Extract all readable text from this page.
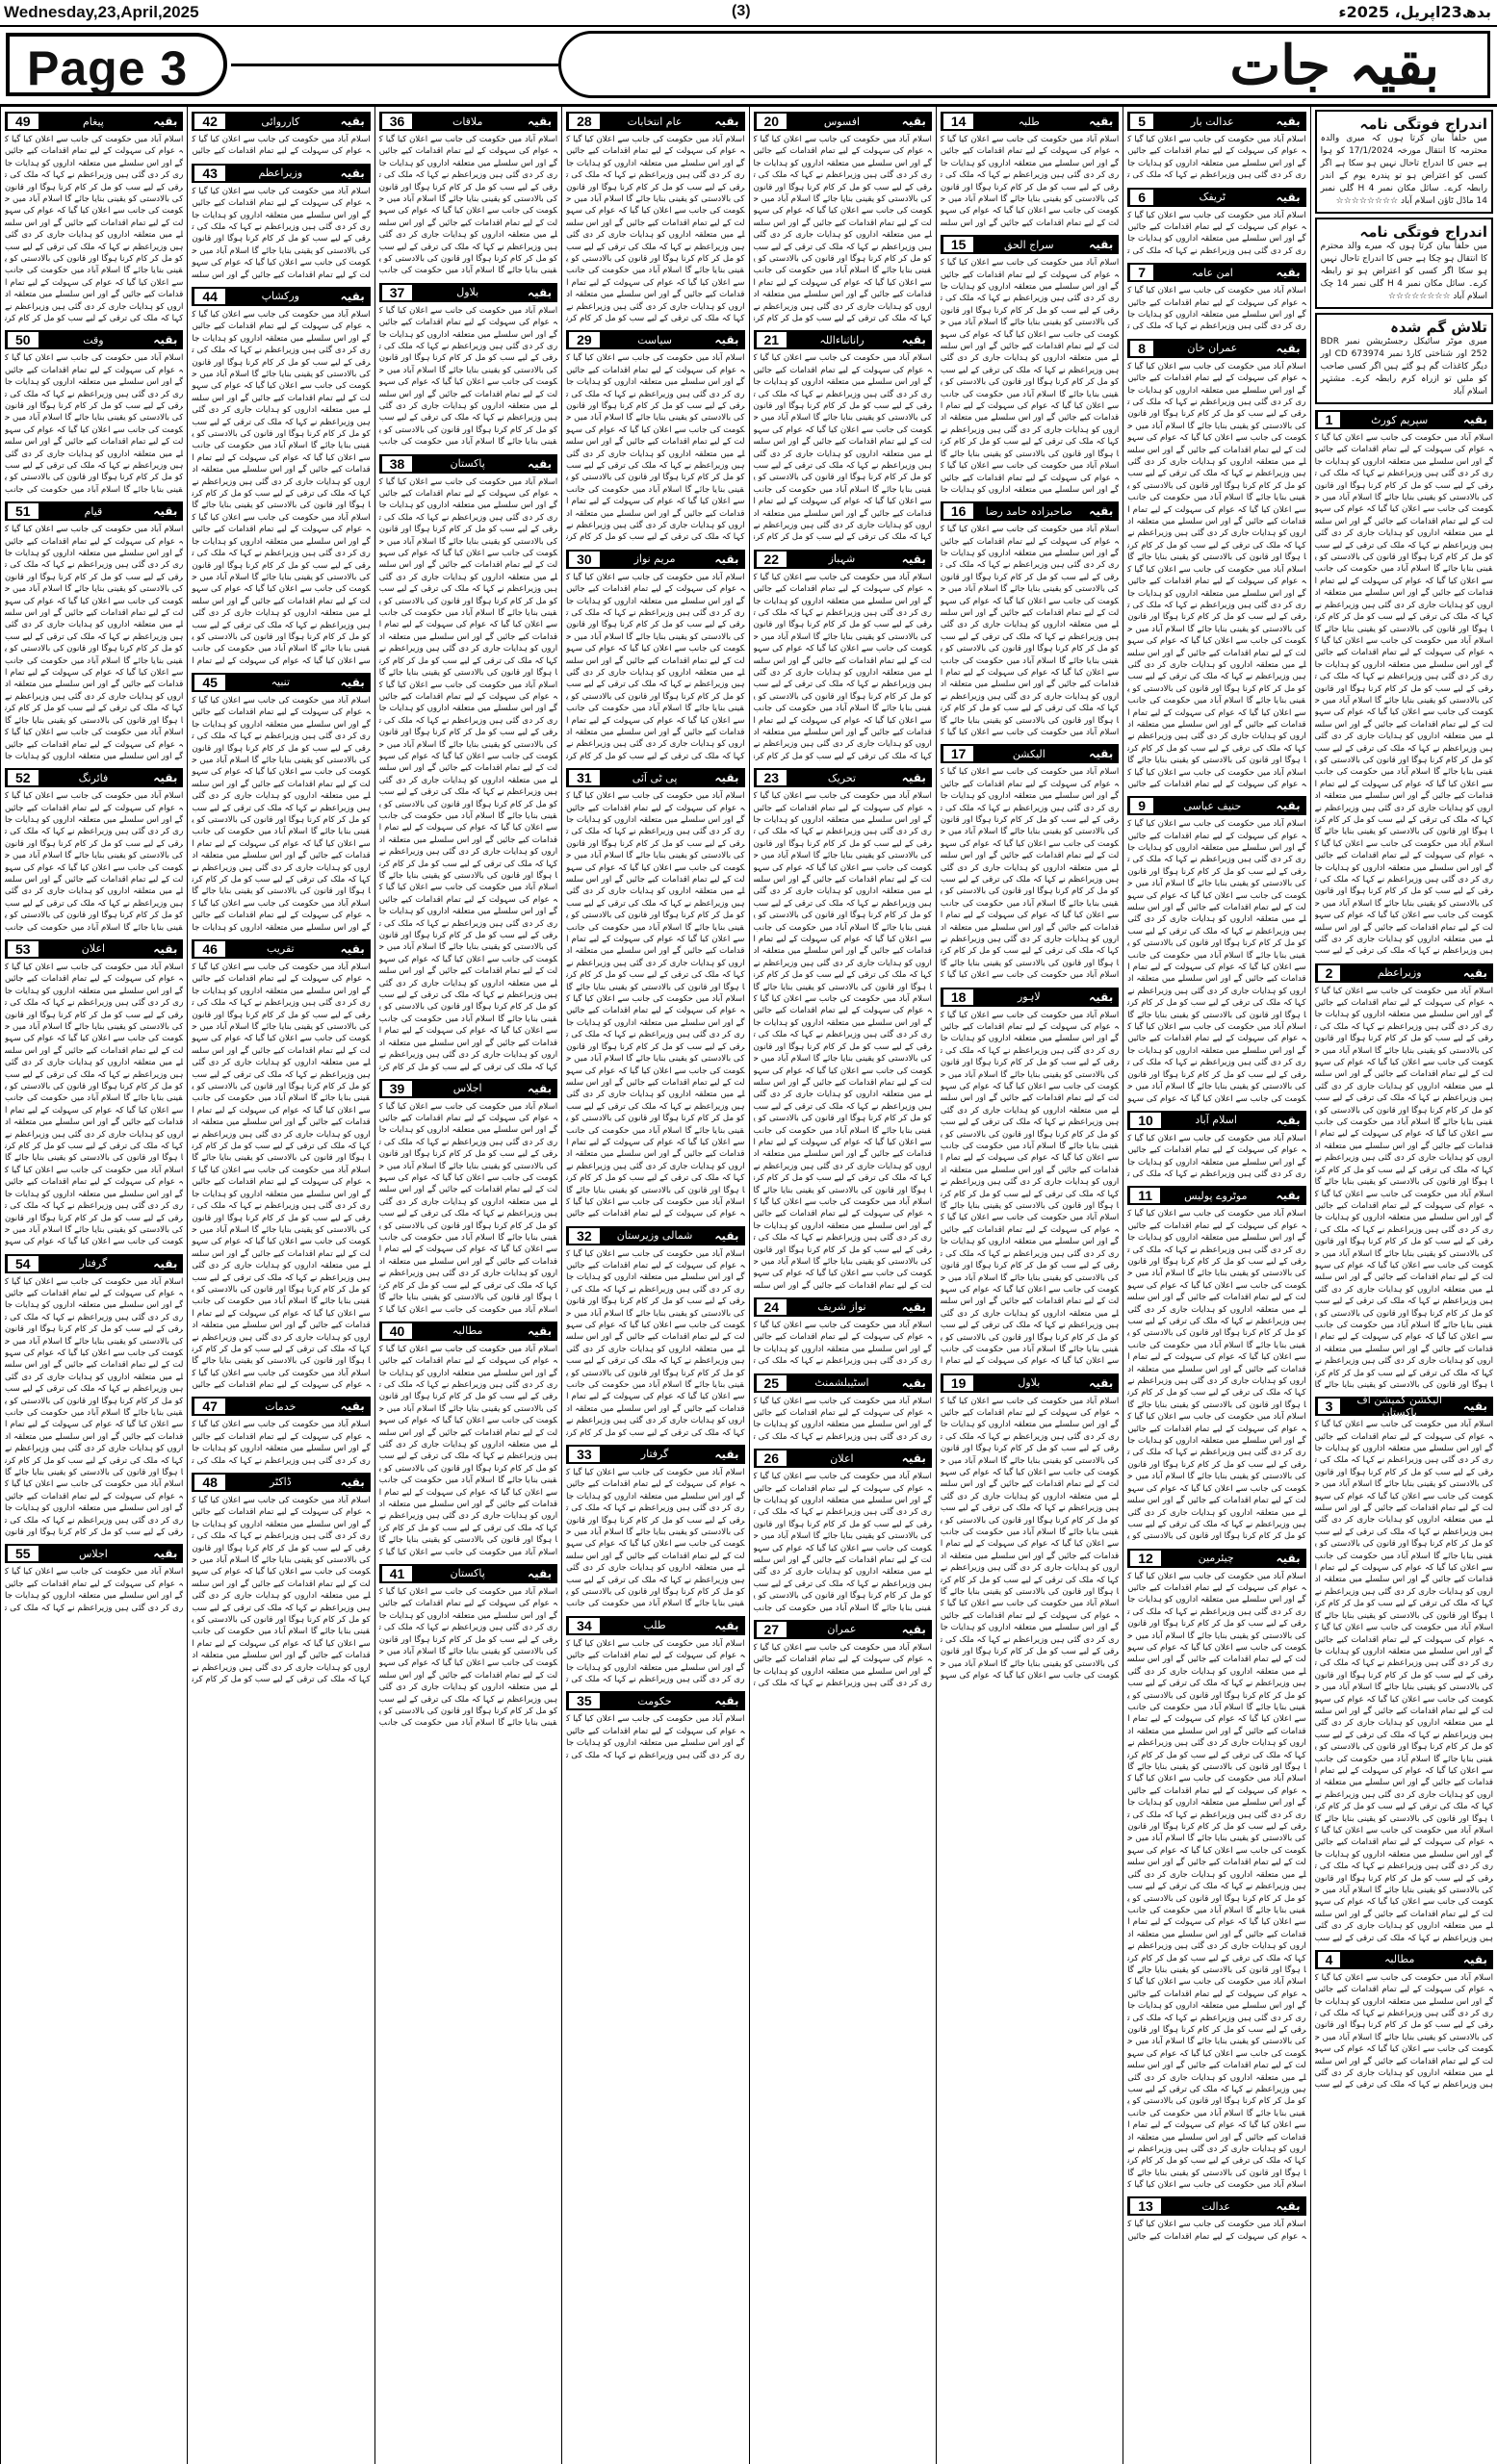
Wednesday,23,April,2025	(3)	بدھ23اپریل، 2025ء
Page 3	بقیہ جات
اندراج فوتگی نامہ
میں حلفاً بیان کرتا ہوں کہ میری والدہ محترمہ کا انتقال مورخہ 17/1/2024 کو ہوا ہے جس کا اندراج تاحال نہیں ہو سکا ہے اگر کسی کو اعتراض ہو تو پندرہ یوم کے اندر رابطہ کرے۔ سائل مکان نمبر H 4 گلی نمبر 14 ماڈل ٹاؤن اسلام آباد ☆☆☆☆☆☆☆☆
اندراج فوتگی نامہ
میں حلفاً بیان کرتا ہوں کہ میرے والد محترم کا انتقال ہو چکا ہے جس کا اندراج تاحال نہیں ہو سکا اگر کسی کو اعتراض ہو تو رابطہ کرے۔ سائل مکان نمبر H 4 گلی نمبر 14 چک اسلام آباد ☆☆☆☆☆☆☆☆
تلاش گم شدہ
میری موٹر سائیکل رجسٹریشن نمبر BDR 252 اور شناختی کارڈ نمبر CD 673974 اور دیگر کاغذات گم ہو گئے ہیں اگر کسی صاحب کو ملیں تو ازراہ کرم رابطہ کرے۔ مشتہر اسلام آباد
1	سپریم کورٹ	بقیہ
اسلام آباد میں حکومت کی جانب سے اعلان کیا گیا کہ عوام کی سہولت کے لیے تمام اقدامات کیے جائیں گے اور اس سلسلے میں متعلقہ اداروں کو ہدایات جاری کر دی گئی ہیں وزیراعظم نے کہا کہ ملک کی ترقی کے لیے سب کو مل کر کام کرنا ہوگا اور قانون کی بالادستی کو یقینی بنایا جائے گا اسلام آباد میں حکومت کی جانب سے اعلان کیا گیا کہ عوام کی سہولت کے لیے تمام اقدامات کیے جائیں گے اور اس سلسلے میں متعلقہ اداروں کو ہدایات جاری کر دی گئی ہیں وزیراعظم نے کہا کہ ملک کی ترقی کے لیے سب کو مل کر کام کرنا ہوگا اور قانون کی بالادستی کو یقینی بنایا جائے گا اسلام آباد میں حکومت کی جانب سے اعلان کیا گیا کہ عوام کی سہولت کے لیے تمام اقدامات کیے جائیں گے اور اس سلسلے میں متعلقہ اداروں کو ہدایات جاری کر دی گئی ہیں وزیراعظم نے کہا کہ ملک کی ترقی کے لیے سب کو مل کر کام کرنا ہوگا اور قانون کی بالادستی کو یقینی بنایا جائے گا اسلام آباد میں حکومت کی جانب سے اعلان کیا گیا کہ عوام کی سہولت کے لیے تمام اقدامات کیے جائیں گے اور اس سلسلے میں متعلقہ اداروں کو ہدایات جاری کر دی گئی ہیں وزیراعظم نے کہا کہ ملک کی ترقی کے لیے سب کو مل کر کام کرنا ہوگا اور قانون کی بالادستی کو یقینی بنایا جائے گا اسلام آباد میں حکومت کی جانب سے اعلان کیا گیا کہ عوام کی سہولت کے لیے تمام اقدامات کیے جائیں گے اور اس سلسلے میں متعلقہ اداروں کو ہدایات جاری کر دی گئی ہیں وزیراعظم نے کہا کہ ملک کی ترقی کے لیے سب کو مل کر کام کرنا ہوگا اور قانون کی بالادستی کو یقینی بنایا جائے گا اسلام آباد میں حکومت کی جانب سے اعلان کیا گیا کہ عوام کی سہولت کے لیے تمام اقدامات کیے جائیں گے اور اس سلسلے میں متعلقہ اداروں کو ہدایات جاری کر دی گئی ہیں وزیراعظم نے کہا کہ ملک کی ترقی کے لیے سب کو مل کر کام کرنا ہوگا اور قانون کی بالادستی کو یقینی بنایا جائے گا اسلام آباد میں حکومت کی جانب سے اعلان کیا گیا کہ عوام کی سہولت کے لیے تمام اقدامات کیے جائیں گے اور اس سلسلے میں متعلقہ اداروں کو ہدایات جاری کر دی گئی ہیں وزیراعظم نے کہا کہ ملک کی ترقی کے لیے سب کو مل کر کام کرنا ہوگا اور قانون کی بالادستی کو یقینی بنایا جائے گا اسلام آباد میں حکومت کی جانب سے اعلان کیا گیا کہ عوام کی سہولت کے لیے تمام اقدامات کیے جائیں گے اور اس سلسلے میں متعلقہ اداروں کو ہدایات جاری کر دی گئی ہیں وزیراعظم نے کہا کہ ملک کی ترقی کے لیے سب
2	وزیراعظم	بقیہ
اسلام آباد میں حکومت کی جانب سے اعلان کیا گیا کہ عوام کی سہولت کے لیے تمام اقدامات کیے جائیں گے اور اس سلسلے میں متعلقہ اداروں کو ہدایات جاری کر دی گئی ہیں وزیراعظم نے کہا کہ ملک کی ترقی کے لیے سب کو مل کر کام کرنا ہوگا اور قانون کی بالادستی کو یقینی بنایا جائے گا اسلام آباد میں حکومت کی جانب سے اعلان کیا گیا کہ عوام کی سہولت کے لیے تمام اقدامات کیے جائیں گے اور اس سلسلے میں متعلقہ اداروں کو ہدایات جاری کر دی گئی ہیں وزیراعظم نے کہا کہ ملک کی ترقی کے لیے سب کو مل کر کام کرنا ہوگا اور قانون کی بالادستی کو یقینی بنایا جائے گا اسلام آباد میں حکومت کی جانب سے اعلان کیا گیا کہ عوام کی سہولت کے لیے تمام اقدامات کیے جائیں گے اور اس سلسلے میں متعلقہ اداروں کو ہدایات جاری کر دی گئی ہیں وزیراعظم نے کہا کہ ملک کی ترقی کے لیے سب کو مل کر کام کرنا ہوگا اور قانون کی بالادستی کو یقینی بنایا جائے گا اسلام آباد میں حکومت کی جانب سے اعلان کیا گیا کہ عوام کی سہولت کے لیے تمام اقدامات کیے جائیں گے اور اس سلسلے میں متعلقہ اداروں کو ہدایات جاری کر دی گئی ہیں وزیراعظم نے کہا کہ ملک کی ترقی کے لیے سب کو مل کر کام کرنا ہوگا اور قانون کی بالادستی کو یقینی بنایا جائے گا اسلام آباد میں حکومت کی جانب سے اعلان کیا گیا کہ عوام کی سہولت کے لیے تمام اقدامات کیے جائیں گے اور اس سلسلے میں متعلقہ اداروں کو ہدایات جاری کر دی گئی ہیں وزیراعظم نے کہا کہ ملک کی ترقی کے لیے سب کو مل کر کام کرنا ہوگا اور قانون کی بالادستی کو یقینی بنایا جائے گا اسلام آباد میں حکومت کی جانب سے اعلان کیا گیا کہ عوام کی سہولت کے لیے تمام اقدامات کیے جائیں گے اور اس سلسلے میں متعلقہ اداروں کو ہدایات جاری کر دی گئی ہیں وزیراعظم نے کہا کہ ملک کی ترقی کے لیے سب کو مل کر کام کرنا ہوگا اور قانون کی بالادستی کو یقینی بنایا جائے گا
3	الیکشن کمیشن آف پاکستان	بقیہ
اسلام آباد میں حکومت کی جانب سے اعلان کیا گیا کہ عوام کی سہولت کے لیے تمام اقدامات کیے جائیں گے اور اس سلسلے میں متعلقہ اداروں کو ہدایات جاری کر دی گئی ہیں وزیراعظم نے کہا کہ ملک کی ترقی کے لیے سب کو مل کر کام کرنا ہوگا اور قانون کی بالادستی کو یقینی بنایا جائے گا اسلام آباد میں حکومت کی جانب سے اعلان کیا گیا کہ عوام کی سہولت کے لیے تمام اقدامات کیے جائیں گے اور اس سلسلے میں متعلقہ اداروں کو ہدایات جاری کر دی گئی ہیں وزیراعظم نے کہا کہ ملک کی ترقی کے لیے سب کو مل کر کام کرنا ہوگا اور قانون کی بالادستی کو یقینی بنایا جائے گا اسلام آباد میں حکومت کی جانب سے اعلان کیا گیا کہ عوام کی سہولت کے لیے تمام اقدامات کیے جائیں گے اور اس سلسلے میں متعلقہ اداروں کو ہدایات جاری کر دی گئی ہیں وزیراعظم نے کہا کہ ملک کی ترقی کے لیے سب کو مل کر کام کرنا ہوگا اور قانون کی بالادستی کو یقینی بنایا جائے گا اسلام آباد میں حکومت کی جانب سے اعلان کیا گیا کہ عوام کی سہولت کے لیے تمام اقدامات کیے جائیں گے اور اس سلسلے میں متعلقہ اداروں کو ہدایات جاری کر دی گئی ہیں وزیراعظم نے کہا کہ ملک کی ترقی کے لیے سب کو مل کر کام کرنا ہوگا اور قانون کی بالادستی کو یقینی بنایا جائے گا اسلام آباد میں حکومت کی جانب سے اعلان کیا گیا کہ عوام کی سہولت کے لیے تمام اقدامات کیے جائیں گے اور اس سلسلے میں متعلقہ اداروں کو ہدایات جاری کر دی گئی ہیں وزیراعظم نے کہا کہ ملک کی ترقی کے لیے سب کو مل کر کام کرنا ہوگا اور قانون کی بالادستی کو یقینی بنایا جائے گا اسلام آباد میں حکومت کی جانب سے اعلان کیا گیا کہ عوام کی سہولت کے لیے تمام اقدامات کیے جائیں گے اور اس سلسلے میں متعلقہ اداروں کو ہدایات جاری کر دی گئی ہیں وزیراعظم نے کہا کہ ملک کی ترقی کے لیے سب کو مل کر کام کرنا ہوگا اور قانون کی بالادستی کو یقینی بنایا جائے گا اسلام آباد میں حکومت کی جانب سے اعلان کیا گیا کہ عوام کی سہولت کے لیے تمام اقدامات کیے جائیں گے اور اس سلسلے میں متعلقہ اداروں کو ہدایات جاری کر دی گئی ہیں وزیراعظم نے کہا کہ ملک کی ترقی کے لیے سب کو مل کر کام کرنا ہوگا اور قانون کی بالادستی کو یقینی بنایا جائے گا اسلام آباد میں حکومت کی جانب سے اعلان کیا گیا کہ عوام کی سہولت کے لیے تمام اقدامات کیے جائیں گے اور اس سلسلے میں متعلقہ اداروں کو ہدایات جاری کر دی گئی ہیں وزیراعظم نے کہا کہ ملک کی ترقی کے لیے سب
4	مطالبہ	بقیہ
اسلام آباد میں حکومت کی جانب سے اعلان کیا گیا کہ عوام کی سہولت کے لیے تمام اقدامات کیے جائیں گے اور اس سلسلے میں متعلقہ اداروں کو ہدایات جاری کر دی گئی ہیں وزیراعظم نے کہا کہ ملک کی ترقی کے لیے سب کو مل کر کام کرنا ہوگا اور قانون کی بالادستی کو یقینی بنایا جائے گا اسلام آباد میں حکومت کی جانب سے اعلان کیا گیا کہ عوام کی سہولت کے لیے تمام اقدامات کیے جائیں گے اور اس سلسلے میں متعلقہ اداروں کو ہدایات جاری کر دی گئی ہیں وزیراعظم نے کہا کہ ملک کی ترقی کے لیے سب
5	عدالت بار	بقیہ
اسلام آباد میں حکومت کی جانب سے اعلان کیا گیا کہ عوام کی سہولت کے لیے تمام اقدامات کیے جائیں گے اور اس سلسلے میں متعلقہ اداروں کو ہدایات جاری کر دی گئی ہیں وزیراعظم نے کہا کہ ملک کی ت
6	ٹریفک	بقیہ
اسلام آباد میں حکومت کی جانب سے اعلان کیا گیا کہ عوام کی سہولت کے لیے تمام اقدامات کیے جائیں گے اور اس سلسلے میں متعلقہ اداروں کو ہدایات جاری کر دی گئی ہیں وزیراعظم نے کہا کہ ملک کی ت
7	امن عامہ	بقیہ
اسلام آباد میں حکومت کی جانب سے اعلان کیا گیا کہ عوام کی سہولت کے لیے تمام اقدامات کیے جائیں گے اور اس سلسلے میں متعلقہ اداروں کو ہدایات جاری کر دی گئی ہیں وزیراعظم نے کہا کہ ملک کی ت
8	عمران خان	بقیہ
اسلام آباد میں حکومت کی جانب سے اعلان کیا گیا کہ عوام کی سہولت کے لیے تمام اقدامات کیے جائیں گے اور اس سلسلے میں متعلقہ اداروں کو ہدایات جاری کر دی گئی ہیں وزیراعظم نے کہا کہ ملک کی ترقی کے لیے سب کو مل کر کام کرنا ہوگا اور قانون کی بالادستی کو یقینی بنایا جائے گا اسلام آباد میں حکومت کی جانب سے اعلان کیا گیا کہ عوام کی سہولت کے لیے تمام اقدامات کیے جائیں گے اور اس سلسلے میں متعلقہ اداروں کو ہدایات جاری کر دی گئی ہیں وزیراعظم نے کہا کہ ملک کی ترقی کے لیے سب کو مل کر کام کرنا ہوگا اور قانون کی بالادستی کو یقینی بنایا جائے گا اسلام آباد میں حکومت کی جانب سے اعلان کیا گیا کہ عوام کی سہولت کے لیے تمام اقدامات کیے جائیں گے اور اس سلسلے میں متعلقہ اداروں کو ہدایات جاری کر دی گئی ہیں وزیراعظم نے کہا کہ ملک کی ترقی کے لیے سب کو مل کر کام کرنا ہوگا اور قانون کی بالادستی کو یقینی بنایا جائے گا اسلام آباد میں حکومت کی جانب سے اعلان کیا گیا کہ عوام کی سہولت کے لیے تمام اقدامات کیے جائیں گے اور اس سلسلے میں متعلقہ اداروں کو ہدایات جاری کر دی گئی ہیں وزیراعظم نے کہا کہ ملک کی ترقی کے لیے سب کو مل کر کام کرنا ہوگا اور قانون کی بالادستی کو یقینی بنایا جائے گا اسلام آباد میں حکومت کی جانب سے اعلان کیا گیا کہ عوام کی سہولت کے لیے تمام اقدامات کیے جائیں گے اور اس سلسلے میں متعلقہ اداروں کو ہدایات جاری کر دی گئی ہیں وزیراعظم نے کہا کہ ملک کی ترقی کے لیے سب کو مل کر کام کرنا ہوگا اور قانون کی بالادستی کو یقینی بنایا جائے گا اسلام آباد میں حکومت کی جانب سے اعلان کیا گیا کہ عوام کی سہولت کے لیے تمام اقدامات کیے جائیں گے اور اس سلسلے میں متعلقہ اداروں کو ہدایات جاری کر دی گئی ہیں وزیراعظم نے کہا کہ ملک کی ترقی کے لیے سب کو مل کر کام کرنا ہوگا اور قانون کی بالادستی کو یقینی بنایا جائے گا اسلام آباد میں حکومت کی جانب سے اعلان کیا گیا کہ عوام کی سہولت کے لیے تمام اقدامات کیے جائیں
9	حنیف عباسی	بقیہ
اسلام آباد میں حکومت کی جانب سے اعلان کیا گیا کہ عوام کی سہولت کے لیے تمام اقدامات کیے جائیں گے اور اس سلسلے میں متعلقہ اداروں کو ہدایات جاری کر دی گئی ہیں وزیراعظم نے کہا کہ ملک کی ترقی کے لیے سب کو مل کر کام کرنا ہوگا اور قانون کی بالادستی کو یقینی بنایا جائے گا اسلام آباد میں حکومت کی جانب سے اعلان کیا گیا کہ عوام کی سہولت کے لیے تمام اقدامات کیے جائیں گے اور اس سلسلے میں متعلقہ اداروں کو ہدایات جاری کر دی گئی ہیں وزیراعظم نے کہا کہ ملک کی ترقی کے لیے سب کو مل کر کام کرنا ہوگا اور قانون کی بالادستی کو یقینی بنایا جائے گا اسلام آباد میں حکومت کی جانب سے اعلان کیا گیا کہ عوام کی سہولت کے لیے تمام اقدامات کیے جائیں گے اور اس سلسلے میں متعلقہ اداروں کو ہدایات جاری کر دی گئی ہیں وزیراعظم نے کہا کہ ملک کی ترقی کے لیے سب کو مل کر کام کرنا ہوگا اور قانون کی بالادستی کو یقینی بنایا جائے گا اسلام آباد میں حکومت کی جانب سے اعلان کیا گیا کہ عوام کی سہولت کے لیے تمام اقدامات کیے جائیں گے اور اس سلسلے میں متعلقہ اداروں کو ہدایات جاری کر دی گئی ہیں وزیراعظم نے کہا کہ ملک کی ترقی کے لیے سب کو مل کر کام کرنا ہوگا اور قانون کی بالادستی کو یقینی بنایا جائے گا اسلام آباد میں حکومت کی جانب سے اعلان کیا گیا کہ عوام کی سہو
10	اسلام آباد	بقیہ
اسلام آباد میں حکومت کی جانب سے اعلان کیا گیا کہ عوام کی سہولت کے لیے تمام اقدامات کیے جائیں گے اور اس سلسلے میں متعلقہ اداروں کو ہدایات جاری کر دی گئی ہیں وزیراعظم نے کہا کہ ملک کی ت
11	موٹروے پولیس	بقیہ
اسلام آباد میں حکومت کی جانب سے اعلان کیا گیا کہ عوام کی سہولت کے لیے تمام اقدامات کیے جائیں گے اور اس سلسلے میں متعلقہ اداروں کو ہدایات جاری کر دی گئی ہیں وزیراعظم نے کہا کہ ملک کی ترقی کے لیے سب کو مل کر کام کرنا ہوگا اور قانون کی بالادستی کو یقینی بنایا جائے گا اسلام آباد میں حکومت کی جانب سے اعلان کیا گیا کہ عوام کی سہولت کے لیے تمام اقدامات کیے جائیں گے اور اس سلسلے میں متعلقہ اداروں کو ہدایات جاری کر دی گئی ہیں وزیراعظم نے کہا کہ ملک کی ترقی کے لیے سب کو مل کر کام کرنا ہوگا اور قانون کی بالادستی کو یقینی بنایا جائے گا اسلام آباد میں حکومت کی جانب سے اعلان کیا گیا کہ عوام کی سہولت کے لیے تمام اقدامات کیے جائیں گے اور اس سلسلے میں متعلقہ اداروں کو ہدایات جاری کر دی گئی ہیں وزیراعظم نے کہا کہ ملک کی ترقی کے لیے سب کو مل کر کام کرنا ہوگا اور قانون کی بالادستی کو یقینی بنایا جائے گا اسلام آباد میں حکومت کی جانب سے اعلان کیا گیا کہ عوام کی سہولت کے لیے تمام اقدامات کیے جائیں گے اور اس سلسلے میں متعلقہ اداروں کو ہدایات جاری کر دی گئی ہیں وزیراعظم نے کہا کہ ملک کی ترقی کے لیے سب کو مل کر کام کرنا ہوگا اور قانون کی بالادستی کو یقینی بنایا جائے گا اسلام آباد میں حکومت کی جانب سے اعلان کیا گیا کہ عوام کی سہولت کے لیے تمام اقدامات کیے جائیں گے اور اس سلسلے میں متعلقہ اداروں کو ہدایات جاری کر دی گئی ہیں وزیراعظم نے کہا کہ ملک کی ترقی کے لیے سب کو مل کر کام کرنا ہوگا اور قانون کی بالادستی کو ی
12	چیئرمین	بقیہ
اسلام آباد میں حکومت کی جانب سے اعلان کیا گیا کہ عوام کی سہولت کے لیے تمام اقدامات کیے جائیں گے اور اس سلسلے میں متعلقہ اداروں کو ہدایات جاری کر دی گئی ہیں وزیراعظم نے کہا کہ ملک کی ترقی کے لیے سب کو مل کر کام کرنا ہوگا اور قانون کی بالادستی کو یقینی بنایا جائے گا اسلام آباد میں حکومت کی جانب سے اعلان کیا گیا کہ عوام کی سہولت کے لیے تمام اقدامات کیے جائیں گے اور اس سلسلے میں متعلقہ اداروں کو ہدایات جاری کر دی گئی ہیں وزیراعظم نے کہا کہ ملک کی ترقی کے لیے سب کو مل کر کام کرنا ہوگا اور قانون کی بالادستی کو یقینی بنایا جائے گا اسلام آباد میں حکومت کی جانب سے اعلان کیا گیا کہ عوام کی سہولت کے لیے تمام اقدامات کیے جائیں گے اور اس سلسلے میں متعلقہ اداروں کو ہدایات جاری کر دی گئی ہیں وزیراعظم نے کہا کہ ملک کی ترقی کے لیے سب کو مل کر کام کرنا ہوگا اور قانون کی بالادستی کو یقینی بنایا جائے گا اسلام آباد میں حکومت کی جانب سے اعلان کیا گیا کہ عوام کی سہولت کے لیے تمام اقدامات کیے جائیں گے اور اس سلسلے میں متعلقہ اداروں کو ہدایات جاری کر دی گئی ہیں وزیراعظم نے کہا کہ ملک کی ترقی کے لیے سب کو مل کر کام کرنا ہوگا اور قانون کی بالادستی کو یقینی بنایا جائے گا اسلام آباد میں حکومت کی جانب سے اعلان کیا گیا کہ عوام کی سہولت کے لیے تمام اقدامات کیے جائیں گے اور اس سلسلے میں متعلقہ اداروں کو ہدایات جاری کر دی گئی ہیں وزیراعظم نے کہا کہ ملک کی ترقی کے لیے سب کو مل کر کام کرنا ہوگا اور قانون کی بالادستی کو یقینی بنایا جائے گا اسلام آباد میں حکومت کی جانب سے اعلان کیا گیا کہ عوام کی سہولت کے لیے تمام اقدامات کیے جائیں گے اور اس سلسلے میں متعلقہ اداروں کو ہدایات جاری کر دی گئی ہیں وزیراعظم نے کہا کہ ملک کی ترقی کے لیے سب کو مل کر کام کرنا ہوگا اور قانون کی بالادستی کو یقینی بنایا جائے گا اسلام آباد میں حکومت کی جانب سے اعلان کیا گیا کہ عوام کی سہولت کے لیے تمام اقدامات کیے جائیں گے اور اس سلسلے میں متعلقہ اداروں کو ہدایات جاری کر دی گئی ہیں وزیراعظم نے کہا کہ ملک کی ترقی کے لیے سب کو مل کر کام کرنا ہوگا اور قانون کی بالادستی کو یقینی بنایا جائے گا اسلام آباد میں حکومت کی جانب سے اعلان کیا گیا کہ عوام کی سہولت کے لیے تمام اقدامات کیے جائیں گے اور اس سلسلے میں متعلقہ اداروں کو ہدایات جاری کر دی گئی ہیں وزیراعظم نے کہا کہ ملک کی ترقی کے لیے سب کو مل کر کام کرنا ہوگا اور قانون کی بالادستی کو یقینی بنایا جائے گا اسلام آباد میں حکومت کی جانب سے اعلان کیا گیا کہ عوام کی سہولت کے لیے تمام اقدامات کیے جائیں گے اور اس سلسلے میں متعلقہ اداروں کو ہدایات جاری کر دی گئی ہیں وزیراعظم نے کہا کہ ملک کی ترقی کے لیے سب کو مل کر کام کرنا ہوگا اور قانون کی بالادستی کو یقینی بنایا جائے گا اسلام آباد میں حکومت کی جانب سے اعلان کیا گیا ک
13	عدالت	بقیہ
اسلام آباد میں حکومت کی جانب سے اعلان کیا گیا کہ عوام کی سہولت کے لیے تمام اقدامات کیے جائیں
14	طلبہ	بقیہ
اسلام آباد میں حکومت کی جانب سے اعلان کیا گیا کہ عوام کی سہولت کے لیے تمام اقدامات کیے جائیں گے اور اس سلسلے میں متعلقہ اداروں کو ہدایات جاری کر دی گئی ہیں وزیراعظم نے کہا کہ ملک کی ترقی کے لیے سب کو مل کر کام کرنا ہوگا اور قانون کی بالادستی کو یقینی بنایا جائے گا اسلام آباد میں حکومت کی جانب سے اعلان کیا گیا کہ عوام کی سہولت کے لیے تمام اقدامات کیے جائیں گے اور اس سلس
15	سراج الحق	بقیہ
اسلام آباد میں حکومت کی جانب سے اعلان کیا گیا کہ عوام کی سہولت کے لیے تمام اقدامات کیے جائیں گے اور اس سلسلے میں متعلقہ اداروں کو ہدایات جاری کر دی گئی ہیں وزیراعظم نے کہا کہ ملک کی ترقی کے لیے سب کو مل کر کام کرنا ہوگا اور قانون کی بالادستی کو یقینی بنایا جائے گا اسلام آباد میں حکومت کی جانب سے اعلان کیا گیا کہ عوام کی سہولت کے لیے تمام اقدامات کیے جائیں گے اور اس سلسلے میں متعلقہ اداروں کو ہدایات جاری کر دی گئی ہیں وزیراعظم نے کہا کہ ملک کی ترقی کے لیے سب کو مل کر کام کرنا ہوگا اور قانون کی بالادستی کو یقینی بنایا جائے گا اسلام آباد میں حکومت کی جانب سے اعلان کیا گیا کہ عوام کی سہولت کے لیے تمام اقدامات کیے جائیں گے اور اس سلسلے میں متعلقہ اداروں کو ہدایات جاری کر دی گئی ہیں وزیراعظم نے کہا کہ ملک کی ترقی کے لیے سب کو مل کر کام کرنا ہوگا اور قانون کی بالادستی کو یقینی بنایا جائے گا اسلام آباد میں حکومت کی جانب سے اعلان کیا گیا کہ عوام کی سہولت کے لیے تمام اقدامات کیے جائیں گے اور اس سلسلے میں متعلقہ اداروں کو ہدایات جا
16	صاحبزادہ حامد رضا	بقیہ
اسلام آباد میں حکومت کی جانب سے اعلان کیا گیا کہ عوام کی سہولت کے لیے تمام اقدامات کیے جائیں گے اور اس سلسلے میں متعلقہ اداروں کو ہدایات جاری کر دی گئی ہیں وزیراعظم نے کہا کہ ملک کی ترقی کے لیے سب کو مل کر کام کرنا ہوگا اور قانون کی بالادستی کو یقینی بنایا جائے گا اسلام آباد میں حکومت کی جانب سے اعلان کیا گیا کہ عوام کی سہولت کے لیے تمام اقدامات کیے جائیں گے اور اس سلسلے میں متعلقہ اداروں کو ہدایات جاری کر دی گئی ہیں وزیراعظم نے کہا کہ ملک کی ترقی کے لیے سب کو مل کر کام کرنا ہوگا اور قانون کی بالادستی کو یقینی بنایا جائے گا اسلام آباد میں حکومت کی جانب سے اعلان کیا گیا کہ عوام کی سہولت کے لیے تمام اقدامات کیے جائیں گے اور اس سلسلے میں متعلقہ اداروں کو ہدایات جاری کر دی گئی ہیں وزیراعظم نے کہا کہ ملک کی ترقی کے لیے سب کو مل کر کام کرنا ہوگا اور قانون کی بالادستی کو یقینی بنایا جائے گا اسلام آباد میں حکومت کی جانب سے اعلان کیا گیا ک
17	الیکشن	بقیہ
اسلام آباد میں حکومت کی جانب سے اعلان کیا گیا کہ عوام کی سہولت کے لیے تمام اقدامات کیے جائیں گے اور اس سلسلے میں متعلقہ اداروں کو ہدایات جاری کر دی گئی ہیں وزیراعظم نے کہا کہ ملک کی ترقی کے لیے سب کو مل کر کام کرنا ہوگا اور قانون کی بالادستی کو یقینی بنایا جائے گا اسلام آباد میں حکومت کی جانب سے اعلان کیا گیا کہ عوام کی سہولت کے لیے تمام اقدامات کیے جائیں گے اور اس سلسلے میں متعلقہ اداروں کو ہدایات جاری کر دی گئی ہیں وزیراعظم نے کہا کہ ملک کی ترقی کے لیے سب کو مل کر کام کرنا ہوگا اور قانون کی بالادستی کو یقینی بنایا جائے گا اسلام آباد میں حکومت کی جانب سے اعلان کیا گیا کہ عوام کی سہولت کے لیے تمام اقدامات کیے جائیں گے اور اس سلسلے میں متعلقہ اداروں کو ہدایات جاری کر دی گئی ہیں وزیراعظم نے کہا کہ ملک کی ترقی کے لیے سب کو مل کر کام کرنا ہوگا اور قانون کی بالادستی کو یقینی بنایا جائے گا اسلام آباد میں حکومت کی جانب سے اعلان کیا گیا ک
18	لاہور	بقیہ
اسلام آباد میں حکومت کی جانب سے اعلان کیا گیا کہ عوام کی سہولت کے لیے تمام اقدامات کیے جائیں گے اور اس سلسلے میں متعلقہ اداروں کو ہدایات جاری کر دی گئی ہیں وزیراعظم نے کہا کہ ملک کی ترقی کے لیے سب کو مل کر کام کرنا ہوگا اور قانون کی بالادستی کو یقینی بنایا جائے گا اسلام آباد میں حکومت کی جانب سے اعلان کیا گیا کہ عوام کی سہولت کے لیے تمام اقدامات کیے جائیں گے اور اس سلسلے میں متعلقہ اداروں کو ہدایات جاری کر دی گئی ہیں وزیراعظم نے کہا کہ ملک کی ترقی کے لیے سب کو مل کر کام کرنا ہوگا اور قانون کی بالادستی کو یقینی بنایا جائے گا اسلام آباد میں حکومت کی جانب سے اعلان کیا گیا کہ عوام کی سہولت کے لیے تمام اقدامات کیے جائیں گے اور اس سلسلے میں متعلقہ اداروں کو ہدایات جاری کر دی گئی ہیں وزیراعظم نے کہا کہ ملک کی ترقی کے لیے سب کو مل کر کام کرنا ہوگا اور قانون کی بالادستی کو یقینی بنایا جائے گا اسلام آباد میں حکومت کی جانب سے اعلان کیا گیا کہ عوام کی سہولت کے لیے تمام اقدامات کیے جائیں گے اور اس سلسلے میں متعلقہ اداروں کو ہدایات جاری کر دی گئی ہیں وزیراعظم نے کہا کہ ملک کی ترقی کے لیے سب کو مل کر کام کرنا ہوگا اور قانون کی بالادستی کو یقینی بنایا جائے گا اسلام آباد میں حکومت کی جانب سے اعلان کیا گیا کہ عوام کی سہولت کے لیے تمام اقدامات کیے جائیں گے اور اس سلسلے میں متعلقہ اداروں کو ہدایات جاری کر دی گئی ہیں وزیراعظم نے کہا کہ ملک کی ترقی کے لیے سب کو مل کر کام کرنا ہوگا اور قانون کی بالادستی کو یقینی بنایا جائے گا اسلام آباد میں حکومت کی جانب سے اعلان کیا گیا کہ عوام کی سہولت کے لیے تمام ا
19	بلاول	بقیہ
اسلام آباد میں حکومت کی جانب سے اعلان کیا گیا کہ عوام کی سہولت کے لیے تمام اقدامات کیے جائیں گے اور اس سلسلے میں متعلقہ اداروں کو ہدایات جاری کر دی گئی ہیں وزیراعظم نے کہا کہ ملک کی ترقی کے لیے سب کو مل کر کام کرنا ہوگا اور قانون کی بالادستی کو یقینی بنایا جائے گا اسلام آباد میں حکومت کی جانب سے اعلان کیا گیا کہ عوام کی سہولت کے لیے تمام اقدامات کیے جائیں گے اور اس سلسلے میں متعلقہ اداروں کو ہدایات جاری کر دی گئی ہیں وزیراعظم نے کہا کہ ملک کی ترقی کے لیے سب کو مل کر کام کرنا ہوگا اور قانون کی بالادستی کو یقینی بنایا جائے گا اسلام آباد میں حکومت کی جانب سے اعلان کیا گیا کہ عوام کی سہولت کے لیے تمام اقدامات کیے جائیں گے اور اس سلسلے میں متعلقہ اداروں کو ہدایات جاری کر دی گئی ہیں وزیراعظم نے کہا کہ ملک کی ترقی کے لیے سب کو مل کر کام کرنا ہوگا اور قانون کی بالادستی کو یقینی بنایا جائے گا اسلام آباد میں حکومت کی جانب سے اعلان کیا گیا کہ عوام کی سہولت کے لیے تمام اقدامات کیے جائیں گے اور اس سلسلے میں متعلقہ اداروں کو ہدایات جاری کر دی گئی ہیں وزیراعظم نے کہا کہ ملک کی ترقی کے لیے سب کو مل کر کام کرنا ہوگا اور قانون کی بالادستی کو یقینی بنایا جائے گا اسلام آباد میں حکومت کی جانب سے اعلان کیا گیا کہ عوام کی سہو
20	افسوس	بقیہ
اسلام آباد میں حکومت کی جانب سے اعلان کیا گیا کہ عوام کی سہولت کے لیے تمام اقدامات کیے جائیں گے اور اس سلسلے میں متعلقہ اداروں کو ہدایات جاری کر دی گئی ہیں وزیراعظم نے کہا کہ ملک کی ترقی کے لیے سب کو مل کر کام کرنا ہوگا اور قانون کی بالادستی کو یقینی بنایا جائے گا اسلام آباد میں حکومت کی جانب سے اعلان کیا گیا کہ عوام کی سہولت کے لیے تمام اقدامات کیے جائیں گے اور اس سلسلے میں متعلقہ اداروں کو ہدایات جاری کر دی گئی ہیں وزیراعظم نے کہا کہ ملک کی ترقی کے لیے سب کو مل کر کام کرنا ہوگا اور قانون کی بالادستی کو یقینی بنایا جائے گا اسلام آباد میں حکومت کی جانب سے اعلان کیا گیا کہ عوام کی سہولت کے لیے تمام اقدامات کیے جائیں گے اور اس سلسلے میں متعلقہ اداروں کو ہدایات جاری کر دی گئی ہیں وزیراعظم نے کہا کہ ملک کی ترقی کے لیے سب کو مل کر کام کرن
21	راناثناءاللہ	بقیہ
اسلام آباد میں حکومت کی جانب سے اعلان کیا گیا کہ عوام کی سہولت کے لیے تمام اقدامات کیے جائیں گے اور اس سلسلے میں متعلقہ اداروں کو ہدایات جاری کر دی گئی ہیں وزیراعظم نے کہا کہ ملک کی ترقی کے لیے سب کو مل کر کام کرنا ہوگا اور قانون کی بالادستی کو یقینی بنایا جائے گا اسلام آباد میں حکومت کی جانب سے اعلان کیا گیا کہ عوام کی سہولت کے لیے تمام اقدامات کیے جائیں گے اور اس سلسلے میں متعلقہ اداروں کو ہدایات جاری کر دی گئی ہیں وزیراعظم نے کہا کہ ملک کی ترقی کے لیے سب کو مل کر کام کرنا ہوگا اور قانون کی بالادستی کو یقینی بنایا جائے گا اسلام آباد میں حکومت کی جانب سے اعلان کیا گیا کہ عوام کی سہولت کے لیے تمام اقدامات کیے جائیں گے اور اس سلسلے میں متعلقہ اداروں کو ہدایات جاری کر دی گئی ہیں وزیراعظم نے کہا کہ ملک کی ترقی کے لیے سب کو مل کر کام کرن
22	شہباز	بقیہ
اسلام آباد میں حکومت کی جانب سے اعلان کیا گیا کہ عوام کی سہولت کے لیے تمام اقدامات کیے جائیں گے اور اس سلسلے میں متعلقہ اداروں کو ہدایات جاری کر دی گئی ہیں وزیراعظم نے کہا کہ ملک کی ترقی کے لیے سب کو مل کر کام کرنا ہوگا اور قانون کی بالادستی کو یقینی بنایا جائے گا اسلام آباد میں حکومت کی جانب سے اعلان کیا گیا کہ عوام کی سہولت کے لیے تمام اقدامات کیے جائیں گے اور اس سلسلے میں متعلقہ اداروں کو ہدایات جاری کر دی گئی ہیں وزیراعظم نے کہا کہ ملک کی ترقی کے لیے سب کو مل کر کام کرنا ہوگا اور قانون کی بالادستی کو یقینی بنایا جائے گا اسلام آباد میں حکومت کی جانب سے اعلان کیا گیا کہ عوام کی سہولت کے لیے تمام اقدامات کیے جائیں گے اور اس سلسلے میں متعلقہ اداروں کو ہدایات جاری کر دی گئی ہیں وزیراعظم نے کہا کہ ملک کی ترقی کے لیے سب کو مل کر کام کرن
23	تحریک	بقیہ
اسلام آباد میں حکومت کی جانب سے اعلان کیا گیا کہ عوام کی سہولت کے لیے تمام اقدامات کیے جائیں گے اور اس سلسلے میں متعلقہ اداروں کو ہدایات جاری کر دی گئی ہیں وزیراعظم نے کہا کہ ملک کی ترقی کے لیے سب کو مل کر کام کرنا ہوگا اور قانون کی بالادستی کو یقینی بنایا جائے گا اسلام آباد میں حکومت کی جانب سے اعلان کیا گیا کہ عوام کی سہولت کے لیے تمام اقدامات کیے جائیں گے اور اس سلسلے میں متعلقہ اداروں کو ہدایات جاری کر دی گئی ہیں وزیراعظم نے کہا کہ ملک کی ترقی کے لیے سب کو مل کر کام کرنا ہوگا اور قانون کی بالادستی کو یقینی بنایا جائے گا اسلام آباد میں حکومت کی جانب سے اعلان کیا گیا کہ عوام کی سہولت کے لیے تمام اقدامات کیے جائیں گے اور اس سلسلے میں متعلقہ اداروں کو ہدایات جاری کر دی گئی ہیں وزیراعظم نے کہا کہ ملک کی ترقی کے لیے سب کو مل کر کام کرنا ہوگا اور قانون کی بالادستی کو یقینی بنایا جائے گا اسلام آباد میں حکومت کی جانب سے اعلان کیا گیا کہ عوام کی سہولت کے لیے تمام اقدامات کیے جائیں گے اور اس سلسلے میں متعلقہ اداروں کو ہدایات جاری کر دی گئی ہیں وزیراعظم نے کہا کہ ملک کی ترقی کے لیے سب کو مل کر کام کرنا ہوگا اور قانون کی بالادستی کو یقینی بنایا جائے گا اسلام آباد میں حکومت کی جانب سے اعلان کیا گیا کہ عوام کی سہولت کے لیے تمام اقدامات کیے جائیں گے اور اس سلسلے میں متعلقہ اداروں کو ہدایات جاری کر دی گئی ہیں وزیراعظم نے کہا کہ ملک کی ترقی کے لیے سب کو مل کر کام کرنا ہوگا اور قانون کی بالادستی کو یقینی بنایا جائے گا اسلام آباد میں حکومت کی جانب سے اعلان کیا گیا کہ عوام کی سہولت کے لیے تمام اقدامات کیے جائیں گے اور اس سلسلے میں متعلقہ اداروں کو ہدایات جاری کر دی گئی ہیں وزیراعظم نے کہا کہ ملک کی ترقی کے لیے سب کو مل کر کام کرنا ہوگا اور قانون کی بالادستی کو یقینی بنایا جائے گا اسلام آباد میں حکومت کی جانب سے اعلان کیا گیا کہ عوام کی سہولت کے لیے تمام اقدامات کیے جائیں گے اور اس سلسلے میں متعلقہ اداروں کو ہدایات جاری کر دی گئی ہیں وزیراعظم نے کہا کہ ملک کی ترقی کے لیے سب کو مل کر کام کرنا ہوگا اور قانون کی بالادستی کو یقینی بنایا جائے گا اسلام آباد میں حکومت کی جانب سے اعلان کیا گیا کہ عوام کی سہولت کے لیے تمام اقدامات کیے جائیں گے اور اس سلس
24	نواز شریف	بقیہ
اسلام آباد میں حکومت کی جانب سے اعلان کیا گیا کہ عوام کی سہولت کے لیے تمام اقدامات کیے جائیں گے اور اس سلسلے میں متعلقہ اداروں کو ہدایات جاری کر دی گئی ہیں وزیراعظم نے کہا کہ ملک کی ت
25	اسٹیبلشمنٹ	بقیہ
اسلام آباد میں حکومت کی جانب سے اعلان کیا گیا کہ عوام کی سہولت کے لیے تمام اقدامات کیے جائیں گے اور اس سلسلے میں متعلقہ اداروں کو ہدایات جاری کر دی گئی ہیں وزیراعظم نے کہا کہ ملک کی ت
26	اعلان	بقیہ
اسلام آباد میں حکومت کی جانب سے اعلان کیا گیا کہ عوام کی سہولت کے لیے تمام اقدامات کیے جائیں گے اور اس سلسلے میں متعلقہ اداروں کو ہدایات جاری کر دی گئی ہیں وزیراعظم نے کہا کہ ملک کی ترقی کے لیے سب کو مل کر کام کرنا ہوگا اور قانون کی بالادستی کو یقینی بنایا جائے گا اسلام آباد میں حکومت کی جانب سے اعلان کیا گیا کہ عوام کی سہولت کے لیے تمام اقدامات کیے جائیں گے اور اس سلسلے میں متعلقہ اداروں کو ہدایات جاری کر دی گئی ہیں وزیراعظم نے کہا کہ ملک کی ترقی کے لیے سب کو مل کر کام کرنا ہوگا اور قانون کی بالادستی کو یقینی بنایا جائے گا اسلام آباد میں حکومت کی جانب
27	عمران	بقیہ
اسلام آباد میں حکومت کی جانب سے اعلان کیا گیا کہ عوام کی سہولت کے لیے تمام اقدامات کیے جائیں گے اور اس سلسلے میں متعلقہ اداروں کو ہدایات جاری کر دی گئی ہیں وزیراعظم نے کہا کہ ملک کی ت
28	عام انتخابات	بقیہ
اسلام آباد میں حکومت کی جانب سے اعلان کیا گیا کہ عوام کی سہولت کے لیے تمام اقدامات کیے جائیں گے اور اس سلسلے میں متعلقہ اداروں کو ہدایات جاری کر دی گئی ہیں وزیراعظم نے کہا کہ ملک کی ترقی کے لیے سب کو مل کر کام کرنا ہوگا اور قانون کی بالادستی کو یقینی بنایا جائے گا اسلام آباد میں حکومت کی جانب سے اعلان کیا گیا کہ عوام کی سہولت کے لیے تمام اقدامات کیے جائیں گے اور اس سلسلے میں متعلقہ اداروں کو ہدایات جاری کر دی گئی ہیں وزیراعظم نے کہا کہ ملک کی ترقی کے لیے سب کو مل کر کام کرنا ہوگا اور قانون کی بالادستی کو یقینی بنایا جائے گا اسلام آباد میں حکومت کی جانب سے اعلان کیا گیا کہ عوام کی سہولت کے لیے تمام اقدامات کیے جائیں گے اور اس سلسلے میں متعلقہ اداروں کو ہدایات جاری کر دی گئی ہیں وزیراعظم نے کہا کہ ملک کی ترقی کے لیے سب کو مل کر کام کرن
29	سیاست	بقیہ
اسلام آباد میں حکومت کی جانب سے اعلان کیا گیا کہ عوام کی سہولت کے لیے تمام اقدامات کیے جائیں گے اور اس سلسلے میں متعلقہ اداروں کو ہدایات جاری کر دی گئی ہیں وزیراعظم نے کہا کہ ملک کی ترقی کے لیے سب کو مل کر کام کرنا ہوگا اور قانون کی بالادستی کو یقینی بنایا جائے گا اسلام آباد میں حکومت کی جانب سے اعلان کیا گیا کہ عوام کی سہولت کے لیے تمام اقدامات کیے جائیں گے اور اس سلسلے میں متعلقہ اداروں کو ہدایات جاری کر دی گئی ہیں وزیراعظم نے کہا کہ ملک کی ترقی کے لیے سب کو مل کر کام کرنا ہوگا اور قانون کی بالادستی کو یقینی بنایا جائے گا اسلام آباد میں حکومت کی جانب سے اعلان کیا گیا کہ عوام کی سہولت کے لیے تمام اقدامات کیے جائیں گے اور اس سلسلے میں متعلقہ اداروں کو ہدایات جاری کر دی گئی ہیں وزیراعظم نے کہا کہ ملک کی ترقی کے لیے سب کو مل کر کام کرن
30	مریم نواز	بقیہ
اسلام آباد میں حکومت کی جانب سے اعلان کیا گیا کہ عوام کی سہولت کے لیے تمام اقدامات کیے جائیں گے اور اس سلسلے میں متعلقہ اداروں کو ہدایات جاری کر دی گئی ہیں وزیراعظم نے کہا کہ ملک کی ترقی کے لیے سب کو مل کر کام کرنا ہوگا اور قانون کی بالادستی کو یقینی بنایا جائے گا اسلام آباد میں حکومت کی جانب سے اعلان کیا گیا کہ عوام کی سہولت کے لیے تمام اقدامات کیے جائیں گے اور اس سلسلے میں متعلقہ اداروں کو ہدایات جاری کر دی گئی ہیں وزیراعظم نے کہا کہ ملک کی ترقی کے لیے سب کو مل کر کام کرنا ہوگا اور قانون کی بالادستی کو یقینی بنایا جائے گا اسلام آباد میں حکومت کی جانب سے اعلان کیا گیا کہ عوام کی سہولت کے لیے تمام اقدامات کیے جائیں گے اور اس سلسلے میں متعلقہ اداروں کو ہدایات جاری کر دی گئی ہیں وزیراعظم نے کہا کہ ملک کی ترقی کے لیے سب کو مل کر کام کرن
31	پی ٹی آئی	بقیہ
اسلام آباد میں حکومت کی جانب سے اعلان کیا گیا کہ عوام کی سہولت کے لیے تمام اقدامات کیے جائیں گے اور اس سلسلے میں متعلقہ اداروں کو ہدایات جاری کر دی گئی ہیں وزیراعظم نے کہا کہ ملک کی ترقی کے لیے سب کو مل کر کام کرنا ہوگا اور قانون کی بالادستی کو یقینی بنایا جائے گا اسلام آباد میں حکومت کی جانب سے اعلان کیا گیا کہ عوام کی سہولت کے لیے تمام اقدامات کیے جائیں گے اور اس سلسلے میں متعلقہ اداروں کو ہدایات جاری کر دی گئی ہیں وزیراعظم نے کہا کہ ملک کی ترقی کے لیے سب کو مل کر کام کرنا ہوگا اور قانون کی بالادستی کو یقینی بنایا جائے گا اسلام آباد میں حکومت کی جانب سے اعلان کیا گیا کہ عوام کی سہولت کے لیے تمام اقدامات کیے جائیں گے اور اس سلسلے میں متعلقہ اداروں کو ہدایات جاری کر دی گئی ہیں وزیراعظم نے کہا کہ ملک کی ترقی کے لیے سب کو مل کر کام کرنا ہوگا اور قانون کی بالادستی کو یقینی بنایا جائے گا اسلام آباد میں حکومت کی جانب سے اعلان کیا گیا کہ عوام کی سہولت کے لیے تمام اقدامات کیے جائیں گے اور اس سلسلے میں متعلقہ اداروں کو ہدایات جاری کر دی گئی ہیں وزیراعظم نے کہا کہ ملک کی ترقی کے لیے سب کو مل کر کام کرنا ہوگا اور قانون کی بالادستی کو یقینی بنایا جائے گا اسلام آباد میں حکومت کی جانب سے اعلان کیا گیا کہ عوام کی سہولت کے لیے تمام اقدامات کیے جائیں گے اور اس سلسلے میں متعلقہ اداروں کو ہدایات جاری کر دی گئی ہیں وزیراعظم نے کہا کہ ملک کی ترقی کے لیے سب کو مل کر کام کرنا ہوگا اور قانون کی بالادستی کو یقینی بنایا جائے گا اسلام آباد میں حکومت کی جانب سے اعلان کیا گیا کہ عوام کی سہولت کے لیے تمام اقدامات کیے جائیں گے اور اس سلسلے میں متعلقہ اداروں کو ہدایات جاری کر دی گئی ہیں وزیراعظم نے کہا کہ ملک کی ترقی کے لیے سب کو مل کر کام کرنا ہوگا اور قانون کی بالادستی کو یقینی بنایا جائے گا اسلام آباد میں حکومت کی جانب سے اعلان کیا گیا کہ عوام کی سہولت کے لیے تمام اقدامات کیے جائیں
32	شمالی وزیرستان	بقیہ
اسلام آباد میں حکومت کی جانب سے اعلان کیا گیا کہ عوام کی سہولت کے لیے تمام اقدامات کیے جائیں گے اور اس سلسلے میں متعلقہ اداروں کو ہدایات جاری کر دی گئی ہیں وزیراعظم نے کہا کہ ملک کی ترقی کے لیے سب کو مل کر کام کرنا ہوگا اور قانون کی بالادستی کو یقینی بنایا جائے گا اسلام آباد میں حکومت کی جانب سے اعلان کیا گیا کہ عوام کی سہولت کے لیے تمام اقدامات کیے جائیں گے اور اس سلسلے میں متعلقہ اداروں کو ہدایات جاری کر دی گئی ہیں وزیراعظم نے کہا کہ ملک کی ترقی کے لیے سب کو مل کر کام کرنا ہوگا اور قانون کی بالادستی کو یقینی بنایا جائے گا اسلام آباد میں حکومت کی جانب سے اعلان کیا گیا کہ عوام کی سہولت کے لیے تمام اقدامات کیے جائیں گے اور اس سلسلے میں متعلقہ اداروں کو ہدایات جاری کر دی گئی ہیں وزیراعظم نے کہا کہ ملک کی ترقی کے لیے سب کو مل کر کام کرن
33	گرفتار	بقیہ
اسلام آباد میں حکومت کی جانب سے اعلان کیا گیا کہ عوام کی سہولت کے لیے تمام اقدامات کیے جائیں گے اور اس سلسلے میں متعلقہ اداروں کو ہدایات جاری کر دی گئی ہیں وزیراعظم نے کہا کہ ملک کی ترقی کے لیے سب کو مل کر کام کرنا ہوگا اور قانون کی بالادستی کو یقینی بنایا جائے گا اسلام آباد میں حکومت کی جانب سے اعلان کیا گیا کہ عوام کی سہولت کے لیے تمام اقدامات کیے جائیں گے اور اس سلسلے میں متعلقہ اداروں کو ہدایات جاری کر دی گئی ہیں وزیراعظم نے کہا کہ ملک کی ترقی کے لیے سب کو مل کر کام کرنا ہوگا اور قانون کی بالادستی کو یقینی بنایا جائے گا اسلام آباد میں حکومت کی جانب
34	طلب	بقیہ
اسلام آباد میں حکومت کی جانب سے اعلان کیا گیا کہ عوام کی سہولت کے لیے تمام اقدامات کیے جائیں گے اور اس سلسلے میں متعلقہ اداروں کو ہدایات جاری کر دی گئی ہیں وزیراعظم نے کہا کہ ملک کی ت
35	حکومت	بقیہ
اسلام آباد میں حکومت کی جانب سے اعلان کیا گیا کہ عوام کی سہولت کے لیے تمام اقدامات کیے جائیں گے اور اس سلسلے میں متعلقہ اداروں کو ہدایات جاری کر دی گئی ہیں وزیراعظم نے کہا کہ ملک کی ت
36	ملاقات	بقیہ
اسلام آباد میں حکومت کی جانب سے اعلان کیا گیا کہ عوام کی سہولت کے لیے تمام اقدامات کیے جائیں گے اور اس سلسلے میں متعلقہ اداروں کو ہدایات جاری کر دی گئی ہیں وزیراعظم نے کہا کہ ملک کی ترقی کے لیے سب کو مل کر کام کرنا ہوگا اور قانون کی بالادستی کو یقینی بنایا جائے گا اسلام آباد میں حکومت کی جانب سے اعلان کیا گیا کہ عوام کی سہولت کے لیے تمام اقدامات کیے جائیں گے اور اس سلسلے میں متعلقہ اداروں کو ہدایات جاری کر دی گئی ہیں وزیراعظم نے کہا کہ ملک کی ترقی کے لیے سب کو مل کر کام کرنا ہوگا اور قانون کی بالادستی کو یقینی بنایا جائے گا اسلام آباد میں حکومت کی جانب
37	بلاول	بقیہ
اسلام آباد میں حکومت کی جانب سے اعلان کیا گیا کہ عوام کی سہولت کے لیے تمام اقدامات کیے جائیں گے اور اس سلسلے میں متعلقہ اداروں کو ہدایات جاری کر دی گئی ہیں وزیراعظم نے کہا کہ ملک کی ترقی کے لیے سب کو مل کر کام کرنا ہوگا اور قانون کی بالادستی کو یقینی بنایا جائے گا اسلام آباد میں حکومت کی جانب سے اعلان کیا گیا کہ عوام کی سہولت کے لیے تمام اقدامات کیے جائیں گے اور اس سلسلے میں متعلقہ اداروں کو ہدایات جاری کر دی گئی ہیں وزیراعظم نے کہا کہ ملک کی ترقی کے لیے سب کو مل کر کام کرنا ہوگا اور قانون کی بالادستی کو یقینی بنایا جائے گا اسلام آباد میں حکومت کی جانب
38	پاکستان	بقیہ
اسلام آباد میں حکومت کی جانب سے اعلان کیا گیا کہ عوام کی سہولت کے لیے تمام اقدامات کیے جائیں گے اور اس سلسلے میں متعلقہ اداروں کو ہدایات جاری کر دی گئی ہیں وزیراعظم نے کہا کہ ملک کی ترقی کے لیے سب کو مل کر کام کرنا ہوگا اور قانون کی بالادستی کو یقینی بنایا جائے گا اسلام آباد میں حکومت کی جانب سے اعلان کیا گیا کہ عوام کی سہولت کے لیے تمام اقدامات کیے جائیں گے اور اس سلسلے میں متعلقہ اداروں کو ہدایات جاری کر دی گئی ہیں وزیراعظم نے کہا کہ ملک کی ترقی کے لیے سب کو مل کر کام کرنا ہوگا اور قانون کی بالادستی کو یقینی بنایا جائے گا اسلام آباد میں حکومت کی جانب سے اعلان کیا گیا کہ عوام کی سہولت کے لیے تمام اقدامات کیے جائیں گے اور اس سلسلے میں متعلقہ اداروں کو ہدایات جاری کر دی گئی ہیں وزیراعظم نے کہا کہ ملک کی ترقی کے لیے سب کو مل کر کام کرنا ہوگا اور قانون کی بالادستی کو یقینی بنایا جائے گا اسلام آباد میں حکومت کی جانب سے اعلان کیا گیا کہ عوام کی سہولت کے لیے تمام اقدامات کیے جائیں گے اور اس سلسلے میں متعلقہ اداروں کو ہدایات جاری کر دی گئی ہیں وزیراعظم نے کہا کہ ملک کی ترقی کے لیے سب کو مل کر کام کرنا ہوگا اور قانون کی بالادستی کو یقینی بنایا جائے گا اسلام آباد میں حکومت کی جانب سے اعلان کیا گیا کہ عوام کی سہولت کے لیے تمام اقدامات کیے جائیں گے اور اس سلسلے میں متعلقہ اداروں کو ہدایات جاری کر دی گئی ہیں وزیراعظم نے کہا کہ ملک کی ترقی کے لیے سب کو مل کر کام کرنا ہوگا اور قانون کی بالادستی کو یقینی بنایا جائے گا اسلام آباد میں حکومت کی جانب سے اعلان کیا گیا کہ عوام کی سہولت کے لیے تمام اقدامات کیے جائیں گے اور اس سلسلے میں متعلقہ اداروں کو ہدایات جاری کر دی گئی ہیں وزیراعظم نے کہا کہ ملک کی ترقی کے لیے سب کو مل کر کام کرنا ہوگا اور قانون کی بالادستی کو یقینی بنایا جائے گا اسلام آباد میں حکومت کی جانب سے اعلان کیا گیا کہ عوام کی سہولت کے لیے تمام اقدامات کیے جائیں گے اور اس سلسلے میں متعلقہ اداروں کو ہدایات جاری کر دی گئی ہیں وزیراعظم نے کہا کہ ملک کی ترقی کے لیے سب کو مل کر کام کرنا ہوگا اور قانون کی بالادستی کو یقینی بنایا جائے گا اسلام آباد میں حکومت کی جانب سے اعلان کیا گیا کہ عوام کی سہولت کے لیے تمام اقدامات کیے جائیں گے اور اس سلسلے میں متعلقہ اداروں کو ہدایات جاری کر دی گئی ہیں وزیراعظم نے کہا کہ ملک کی ترقی کے لیے سب کو مل کر کام کرنا ہوگا اور قانون کی بالادستی کو یقینی بنایا جائے گا اسلام آباد میں حکومت کی جانب سے اعلان کیا گیا کہ عوام کی سہولت کے لیے تمام اقدامات کیے جائیں گے اور اس سلسلے میں متعلقہ اداروں کو ہدایات جاری کر دی گئی ہیں وزیراعظم نے کہا کہ ملک کی ترقی کے لیے سب کو مل کر کام کرن
39	اجلاس	بقیہ
اسلام آباد میں حکومت کی جانب سے اعلان کیا گیا کہ عوام کی سہولت کے لیے تمام اقدامات کیے جائیں گے اور اس سلسلے میں متعلقہ اداروں کو ہدایات جاری کر دی گئی ہیں وزیراعظم نے کہا کہ ملک کی ترقی کے لیے سب کو مل کر کام کرنا ہوگا اور قانون کی بالادستی کو یقینی بنایا جائے گا اسلام آباد میں حکومت کی جانب سے اعلان کیا گیا کہ عوام کی سہولت کے لیے تمام اقدامات کیے جائیں گے اور اس سلسلے میں متعلقہ اداروں کو ہدایات جاری کر دی گئی ہیں وزیراعظم نے کہا کہ ملک کی ترقی کے لیے سب کو مل کر کام کرنا ہوگا اور قانون کی بالادستی کو یقینی بنایا جائے گا اسلام آباد میں حکومت کی جانب سے اعلان کیا گیا کہ عوام کی سہولت کے لیے تمام اقدامات کیے جائیں گے اور اس سلسلے میں متعلقہ اداروں کو ہدایات جاری کر دی گئی ہیں وزیراعظم نے کہا کہ ملک کی ترقی کے لیے سب کو مل کر کام کرنا ہوگا اور قانون کی بالادستی کو یقینی بنایا جائے گا اسلام آباد میں حکومت کی جانب سے اعلان کیا گیا ک
40	مطالبہ	بقیہ
اسلام آباد میں حکومت کی جانب سے اعلان کیا گیا کہ عوام کی سہولت کے لیے تمام اقدامات کیے جائیں گے اور اس سلسلے میں متعلقہ اداروں کو ہدایات جاری کر دی گئی ہیں وزیراعظم نے کہا کہ ملک کی ترقی کے لیے سب کو مل کر کام کرنا ہوگا اور قانون کی بالادستی کو یقینی بنایا جائے گا اسلام آباد میں حکومت کی جانب سے اعلان کیا گیا کہ عوام کی سہولت کے لیے تمام اقدامات کیے جائیں گے اور اس سلسلے میں متعلقہ اداروں کو ہدایات جاری کر دی گئی ہیں وزیراعظم نے کہا کہ ملک کی ترقی کے لیے سب کو مل کر کام کرنا ہوگا اور قانون کی بالادستی کو یقینی بنایا جائے گا اسلام آباد میں حکومت کی جانب سے اعلان کیا گیا کہ عوام کی سہولت کے لیے تمام اقدامات کیے جائیں گے اور اس سلسلے میں متعلقہ اداروں کو ہدایات جاری کر دی گئی ہیں وزیراعظم نے کہا کہ ملک کی ترقی کے لیے سب کو مل کر کام کرنا ہوگا اور قانون کی بالادستی کو یقینی بنایا جائے گا اسلام آباد میں حکومت کی جانب سے اعلان کیا گیا ک
41	پاکستان	بقیہ
اسلام آباد میں حکومت کی جانب سے اعلان کیا گیا کہ عوام کی سہولت کے لیے تمام اقدامات کیے جائیں گے اور اس سلسلے میں متعلقہ اداروں کو ہدایات جاری کر دی گئی ہیں وزیراعظم نے کہا کہ ملک کی ترقی کے لیے سب کو مل کر کام کرنا ہوگا اور قانون کی بالادستی کو یقینی بنایا جائے گا اسلام آباد میں حکومت کی جانب سے اعلان کیا گیا کہ عوام کی سہولت کے لیے تمام اقدامات کیے جائیں گے اور اس سلسلے میں متعلقہ اداروں کو ہدایات جاری کر دی گئی ہیں وزیراعظم نے کہا کہ ملک کی ترقی کے لیے سب کو مل کر کام کرنا ہوگا اور قانون کی بالادستی کو یقینی بنایا جائے گا اسلام آباد میں حکومت کی جانب
42	کارروائی	بقیہ
اسلام آباد میں حکومت کی جانب سے اعلان کیا گیا کہ عوام کی سہولت کے لیے تمام اقدامات کیے جائیں
43	وزیراعظم	بقیہ
اسلام آباد میں حکومت کی جانب سے اعلان کیا گیا کہ عوام کی سہولت کے لیے تمام اقدامات کیے جائیں گے اور اس سلسلے میں متعلقہ اداروں کو ہدایات جاری کر دی گئی ہیں وزیراعظم نے کہا کہ ملک کی ترقی کے لیے سب کو مل کر کام کرنا ہوگا اور قانون کی بالادستی کو یقینی بنایا جائے گا اسلام آباد میں حکومت کی جانب سے اعلان کیا گیا کہ عوام کی سہولت کے لیے تمام اقدامات کیے جائیں گے اور اس سلس
44	ورکشاپ	بقیہ
اسلام آباد میں حکومت کی جانب سے اعلان کیا گیا کہ عوام کی سہولت کے لیے تمام اقدامات کیے جائیں گے اور اس سلسلے میں متعلقہ اداروں کو ہدایات جاری کر دی گئی ہیں وزیراعظم نے کہا کہ ملک کی ترقی کے لیے سب کو مل کر کام کرنا ہوگا اور قانون کی بالادستی کو یقینی بنایا جائے گا اسلام آباد میں حکومت کی جانب سے اعلان کیا گیا کہ عوام کی سہولت کے لیے تمام اقدامات کیے جائیں گے اور اس سلسلے میں متعلقہ اداروں کو ہدایات جاری کر دی گئی ہیں وزیراعظم نے کہا کہ ملک کی ترقی کے لیے سب کو مل کر کام کرنا ہوگا اور قانون کی بالادستی کو یقینی بنایا جائے گا اسلام آباد میں حکومت کی جانب سے اعلان کیا گیا کہ عوام کی سہولت کے لیے تمام اقدامات کیے جائیں گے اور اس سلسلے میں متعلقہ اداروں کو ہدایات جاری کر دی گئی ہیں وزیراعظم نے کہا کہ ملک کی ترقی کے لیے سب کو مل کر کام کرنا ہوگا اور قانون کی بالادستی کو یقینی بنایا جائے گا اسلام آباد میں حکومت کی جانب سے اعلان کیا گیا کہ عوام کی سہولت کے لیے تمام اقدامات کیے جائیں گے اور اس سلسلے میں متعلقہ اداروں کو ہدایات جاری کر دی گئی ہیں وزیراعظم نے کہا کہ ملک کی ترقی کے لیے سب کو مل کر کام کرنا ہوگا اور قانون کی بالادستی کو یقینی بنایا جائے گا اسلام آباد میں حکومت کی جانب سے اعلان کیا گیا کہ عوام کی سہولت کے لیے تمام اقدامات کیے جائیں گے اور اس سلسلے میں متعلقہ اداروں کو ہدایات جاری کر دی گئی ہیں وزیراعظم نے کہا کہ ملک کی ترقی کے لیے سب کو مل کر کام کرنا ہوگا اور قانون کی بالادستی کو یقینی بنایا جائے گا اسلام آباد میں حکومت کی جانب سے اعلان کیا گیا کہ عوام کی سہولت کے لیے تمام ا
45	تنبیہ	بقیہ
اسلام آباد میں حکومت کی جانب سے اعلان کیا گیا کہ عوام کی سہولت کے لیے تمام اقدامات کیے جائیں گے اور اس سلسلے میں متعلقہ اداروں کو ہدایات جاری کر دی گئی ہیں وزیراعظم نے کہا کہ ملک کی ترقی کے لیے سب کو مل کر کام کرنا ہوگا اور قانون کی بالادستی کو یقینی بنایا جائے گا اسلام آباد میں حکومت کی جانب سے اعلان کیا گیا کہ عوام کی سہولت کے لیے تمام اقدامات کیے جائیں گے اور اس سلسلے میں متعلقہ اداروں کو ہدایات جاری کر دی گئی ہیں وزیراعظم نے کہا کہ ملک کی ترقی کے لیے سب کو مل کر کام کرنا ہوگا اور قانون کی بالادستی کو یقینی بنایا جائے گا اسلام آباد میں حکومت کی جانب سے اعلان کیا گیا کہ عوام کی سہولت کے لیے تمام اقدامات کیے جائیں گے اور اس سلسلے میں متعلقہ اداروں کو ہدایات جاری کر دی گئی ہیں وزیراعظم نے کہا کہ ملک کی ترقی کے لیے سب کو مل کر کام کرنا ہوگا اور قانون کی بالادستی کو یقینی بنایا جائے گا اسلام آباد میں حکومت کی جانب سے اعلان کیا گیا کہ عوام کی سہولت کے لیے تمام اقدامات کیے جائیں گے اور اس سلسلے میں متعلقہ اداروں کو ہدایات جا
46	تقریب	بقیہ
اسلام آباد میں حکومت کی جانب سے اعلان کیا گیا کہ عوام کی سہولت کے لیے تمام اقدامات کیے جائیں گے اور اس سلسلے میں متعلقہ اداروں کو ہدایات جاری کر دی گئی ہیں وزیراعظم نے کہا کہ ملک کی ترقی کے لیے سب کو مل کر کام کرنا ہوگا اور قانون کی بالادستی کو یقینی بنایا جائے گا اسلام آباد میں حکومت کی جانب سے اعلان کیا گیا کہ عوام کی سہولت کے لیے تمام اقدامات کیے جائیں گے اور اس سلسلے میں متعلقہ اداروں کو ہدایات جاری کر دی گئی ہیں وزیراعظم نے کہا کہ ملک کی ترقی کے لیے سب کو مل کر کام کرنا ہوگا اور قانون کی بالادستی کو یقینی بنایا جائے گا اسلام آباد میں حکومت کی جانب سے اعلان کیا گیا کہ عوام کی سہولت کے لیے تمام اقدامات کیے جائیں گے اور اس سلسلے میں متعلقہ اداروں کو ہدایات جاری کر دی گئی ہیں وزیراعظم نے کہا کہ ملک کی ترقی کے لیے سب کو مل کر کام کرنا ہوگا اور قانون کی بالادستی کو یقینی بنایا جائے گا اسلام آباد میں حکومت کی جانب سے اعلان کیا گیا کہ عوام کی سہولت کے لیے تمام اقدامات کیے جائیں گے اور اس سلسلے میں متعلقہ اداروں کو ہدایات جاری کر دی گئی ہیں وزیراعظم نے کہا کہ ملک کی ترقی کے لیے سب کو مل کر کام کرنا ہوگا اور قانون کی بالادستی کو یقینی بنایا جائے گا اسلام آباد میں حکومت کی جانب سے اعلان کیا گیا کہ عوام کی سہولت کے لیے تمام اقدامات کیے جائیں گے اور اس سلسلے میں متعلقہ اداروں کو ہدایات جاری کر دی گئی ہیں وزیراعظم نے کہا کہ ملک کی ترقی کے لیے سب کو مل کر کام کرنا ہوگا اور قانون کی بالادستی کو یقینی بنایا جائے گا اسلام آباد میں حکومت کی جانب سے اعلان کیا گیا کہ عوام کی سہولت کے لیے تمام اقدامات کیے جائیں گے اور اس سلسلے میں متعلقہ اداروں کو ہدایات جاری کر دی گئی ہیں وزیراعظم نے کہا کہ ملک کی ترقی کے لیے سب کو مل کر کام کرنا ہوگا اور قانون کی بالادستی کو یقینی بنایا جائے گا اسلام آباد میں حکومت کی جانب سے اعلان کیا گیا کہ عوام کی سہولت کے لیے تمام اقدامات کیے جائیں
47	خدمات	بقیہ
اسلام آباد میں حکومت کی جانب سے اعلان کیا گیا کہ عوام کی سہولت کے لیے تمام اقدامات کیے جائیں گے اور اس سلسلے میں متعلقہ اداروں کو ہدایات جاری کر دی گئی ہیں وزیراعظم نے کہا کہ ملک کی ت
48	ڈاکٹر	بقیہ
اسلام آباد میں حکومت کی جانب سے اعلان کیا گیا کہ عوام کی سہولت کے لیے تمام اقدامات کیے جائیں گے اور اس سلسلے میں متعلقہ اداروں کو ہدایات جاری کر دی گئی ہیں وزیراعظم نے کہا کہ ملک کی ترقی کے لیے سب کو مل کر کام کرنا ہوگا اور قانون کی بالادستی کو یقینی بنایا جائے گا اسلام آباد میں حکومت کی جانب سے اعلان کیا گیا کہ عوام کی سہولت کے لیے تمام اقدامات کیے جائیں گے اور اس سلسلے میں متعلقہ اداروں کو ہدایات جاری کر دی گئی ہیں وزیراعظم نے کہا کہ ملک کی ترقی کے لیے سب کو مل کر کام کرنا ہوگا اور قانون کی بالادستی کو یقینی بنایا جائے گا اسلام آباد میں حکومت کی جانب سے اعلان کیا گیا کہ عوام کی سہولت کے لیے تمام اقدامات کیے جائیں گے اور اس سلسلے میں متعلقہ اداروں کو ہدایات جاری کر دی گئی ہیں وزیراعظم نے کہا کہ ملک کی ترقی کے لیے سب کو مل کر کام کرن
49	پیغام	بقیہ
اسلام آباد میں حکومت کی جانب سے اعلان کیا گیا کہ عوام کی سہولت کے لیے تمام اقدامات کیے جائیں گے اور اس سلسلے میں متعلقہ اداروں کو ہدایات جاری کر دی گئی ہیں وزیراعظم نے کہا کہ ملک کی ترقی کے لیے سب کو مل کر کام کرنا ہوگا اور قانون کی بالادستی کو یقینی بنایا جائے گا اسلام آباد میں حکومت کی جانب سے اعلان کیا گیا کہ عوام کی سہولت کے لیے تمام اقدامات کیے جائیں گے اور اس سلسلے میں متعلقہ اداروں کو ہدایات جاری کر دی گئی ہیں وزیراعظم نے کہا کہ ملک کی ترقی کے لیے سب کو مل کر کام کرنا ہوگا اور قانون کی بالادستی کو یقینی بنایا جائے گا اسلام آباد میں حکومت کی جانب سے اعلان کیا گیا کہ عوام کی سہولت کے لیے تمام اقدامات کیے جائیں گے اور اس سلسلے میں متعلقہ اداروں کو ہدایات جاری کر دی گئی ہیں وزیراعظم نے کہا کہ ملک کی ترقی کے لیے سب کو مل کر کام کرن
50	وقت	بقیہ
اسلام آباد میں حکومت کی جانب سے اعلان کیا گیا کہ عوام کی سہولت کے لیے تمام اقدامات کیے جائیں گے اور اس سلسلے میں متعلقہ اداروں کو ہدایات جاری کر دی گئی ہیں وزیراعظم نے کہا کہ ملک کی ترقی کے لیے سب کو مل کر کام کرنا ہوگا اور قانون کی بالادستی کو یقینی بنایا جائے گا اسلام آباد میں حکومت کی جانب سے اعلان کیا گیا کہ عوام کی سہولت کے لیے تمام اقدامات کیے جائیں گے اور اس سلسلے میں متعلقہ اداروں کو ہدایات جاری کر دی گئی ہیں وزیراعظم نے کہا کہ ملک کی ترقی کے لیے سب کو مل کر کام کرنا ہوگا اور قانون کی بالادستی کو یقینی بنایا جائے گا اسلام آباد میں حکومت کی جانب
51	قیام	بقیہ
اسلام آباد میں حکومت کی جانب سے اعلان کیا گیا کہ عوام کی سہولت کے لیے تمام اقدامات کیے جائیں گے اور اس سلسلے میں متعلقہ اداروں کو ہدایات جاری کر دی گئی ہیں وزیراعظم نے کہا کہ ملک کی ترقی کے لیے سب کو مل کر کام کرنا ہوگا اور قانون کی بالادستی کو یقینی بنایا جائے گا اسلام آباد میں حکومت کی جانب سے اعلان کیا گیا کہ عوام کی سہولت کے لیے تمام اقدامات کیے جائیں گے اور اس سلسلے میں متعلقہ اداروں کو ہدایات جاری کر دی گئی ہیں وزیراعظم نے کہا کہ ملک کی ترقی کے لیے سب کو مل کر کام کرنا ہوگا اور قانون کی بالادستی کو یقینی بنایا جائے گا اسلام آباد میں حکومت کی جانب سے اعلان کیا گیا کہ عوام کی سہولت کے لیے تمام اقدامات کیے جائیں گے اور اس سلسلے میں متعلقہ اداروں کو ہدایات جاری کر دی گئی ہیں وزیراعظم نے کہا کہ ملک کی ترقی کے لیے سب کو مل کر کام کرنا ہوگا اور قانون کی بالادستی کو یقینی بنایا جائے گا اسلام آباد میں حکومت کی جانب سے اعلان کیا گیا کہ عوام کی سہولت کے لیے تمام اقدامات کیے جائیں گے اور اس سلسلے میں متعلقہ اداروں کو ہدایات جا
52	فائرنگ	بقیہ
اسلام آباد میں حکومت کی جانب سے اعلان کیا گیا کہ عوام کی سہولت کے لیے تمام اقدامات کیے جائیں گے اور اس سلسلے میں متعلقہ اداروں کو ہدایات جاری کر دی گئی ہیں وزیراعظم نے کہا کہ ملک کی ترقی کے لیے سب کو مل کر کام کرنا ہوگا اور قانون کی بالادستی کو یقینی بنایا جائے گا اسلام آباد میں حکومت کی جانب سے اعلان کیا گیا کہ عوام کی سہولت کے لیے تمام اقدامات کیے جائیں گے اور اس سلسلے میں متعلقہ اداروں کو ہدایات جاری کر دی گئی ہیں وزیراعظم نے کہا کہ ملک کی ترقی کے لیے سب کو مل کر کام کرنا ہوگا اور قانون کی بالادستی کو یقینی بنایا جائے گا اسلام آباد میں حکومت کی جانب
53	اعلان	بقیہ
اسلام آباد میں حکومت کی جانب سے اعلان کیا گیا کہ عوام کی سہولت کے لیے تمام اقدامات کیے جائیں گے اور اس سلسلے میں متعلقہ اداروں کو ہدایات جاری کر دی گئی ہیں وزیراعظم نے کہا کہ ملک کی ترقی کے لیے سب کو مل کر کام کرنا ہوگا اور قانون کی بالادستی کو یقینی بنایا جائے گا اسلام آباد میں حکومت کی جانب سے اعلان کیا گیا کہ عوام کی سہولت کے لیے تمام اقدامات کیے جائیں گے اور اس سلسلے میں متعلقہ اداروں کو ہدایات جاری کر دی گئی ہیں وزیراعظم نے کہا کہ ملک کی ترقی کے لیے سب کو مل کر کام کرنا ہوگا اور قانون کی بالادستی کو یقینی بنایا جائے گا اسلام آباد میں حکومت کی جانب سے اعلان کیا گیا کہ عوام کی سہولت کے لیے تمام اقدامات کیے جائیں گے اور اس سلسلے میں متعلقہ اداروں کو ہدایات جاری کر دی گئی ہیں وزیراعظم نے کہا کہ ملک کی ترقی کے لیے سب کو مل کر کام کرنا ہوگا اور قانون کی بالادستی کو یقینی بنایا جائے گا اسلام آباد میں حکومت کی جانب سے اعلان کیا گیا کہ عوام کی سہولت کے لیے تمام اقدامات کیے جائیں گے اور اس سلسلے میں متعلقہ اداروں کو ہدایات جاری کر دی گئی ہیں وزیراعظم نے کہا کہ ملک کی ترقی کے لیے سب کو مل کر کام کرنا ہوگا اور قانون کی بالادستی کو یقینی بنایا جائے گا اسلام آباد میں حکومت کی جانب سے اعلان کیا گیا کہ عوام کی سہو
54	گرفتار	بقیہ
اسلام آباد میں حکومت کی جانب سے اعلان کیا گیا کہ عوام کی سہولت کے لیے تمام اقدامات کیے جائیں گے اور اس سلسلے میں متعلقہ اداروں کو ہدایات جاری کر دی گئی ہیں وزیراعظم نے کہا کہ ملک کی ترقی کے لیے سب کو مل کر کام کرنا ہوگا اور قانون کی بالادستی کو یقینی بنایا جائے گا اسلام آباد میں حکومت کی جانب سے اعلان کیا گیا کہ عوام کی سہولت کے لیے تمام اقدامات کیے جائیں گے اور اس سلسلے میں متعلقہ اداروں کو ہدایات جاری کر دی گئی ہیں وزیراعظم نے کہا کہ ملک کی ترقی کے لیے سب کو مل کر کام کرنا ہوگا اور قانون کی بالادستی کو یقینی بنایا جائے گا اسلام آباد میں حکومت کی جانب سے اعلان کیا گیا کہ عوام کی سہولت کے لیے تمام اقدامات کیے جائیں گے اور اس سلسلے میں متعلقہ اداروں کو ہدایات جاری کر دی گئی ہیں وزیراعظم نے کہا کہ ملک کی ترقی کے لیے سب کو مل کر کام کرنا ہوگا اور قانون کی بالادستی کو یقینی بنایا جائے گا اسلام آباد میں حکومت کی جانب سے اعلان کیا گیا کہ عوام کی سہولت کے لیے تمام اقدامات کیے جائیں گے اور اس سلسلے میں متعلقہ اداروں کو ہدایات جاری کر دی گئی ہیں وزیراعظم نے کہا کہ ملک کی ترقی کے لیے سب کو مل کر کام کرنا ہوگا اور قانون
55	اجلاس	بقیہ
اسلام آباد میں حکومت کی جانب سے اعلان کیا گیا کہ عوام کی سہولت کے لیے تمام اقدامات کیے جائیں گے اور اس سلسلے میں متعلقہ اداروں کو ہدایات جاری کر دی گئی ہیں وزیراعظم نے کہا کہ ملک کی ت
